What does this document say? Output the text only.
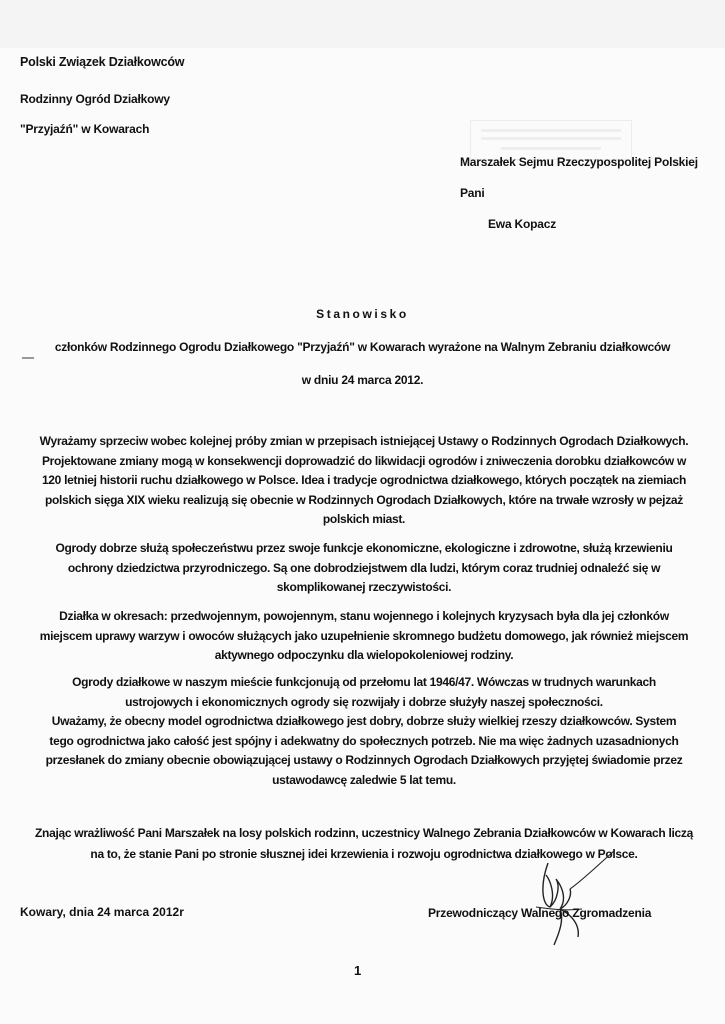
Polski Związek Działkowców
Rodzinny Ogród Działkowy
"Przyjaźń" w Kowarach
Marszałek Sejmu Rzeczypospolitej Polskiej
Pani
Ewa Kopacz
Stanowisko
członków Rodzinnego Ogrodu Działkowego "Przyjaźń" w Kowarach wyrażone na Walnym Zebraniu działkowców
w dniu 24 marca 2012.

Wyrażamy sprzeciw wobec kolejnej próby zmian w przepisach istniejącej Ustawy o Rodzinnych Ogrodach Działkowych.

Projektowane zmiany mogą w konsekwencji doprowadzić do likwidacji ogrodów i zniweczenia dorobku działkowców w

120 letniej historii ruchu działkowego w Polsce. Idea i tradycje ogrodnictwa działkowego, których początek na ziemiach

polskich sięga XIX wieku realizują się obecnie w Rodzinnych Ogrodach Działkowych, które na trwałe wzrosły w pejzaż

polskich miast.

Ogrody dobrze służą społeczeństwu przez swoje funkcje ekonomiczne, ekologiczne i zdrowotne, służą krzewieniu

ochrony dziedzictwa przyrodniczego. Są one dobrodziejstwem dla ludzi, którym coraz trudniej odnaleźć się w

skomplikowanej rzeczywistości.

Działka w okresach: przedwojennym, powojennym, stanu wojennego i kolejnych kryzysach była dla jej członków

miejscem uprawy warzyw i owoców służących jako uzupełnienie skromnego budżetu domowego, jak również miejscem

aktywnego odpoczynku dla wielopokoleniowej rodziny.

Ogrody działkowe w naszym mieście funkcjonują od przełomu lat 1946/47. Wówczas w trudnych warunkach

ustrojowych i ekonomicznych ogrody się rozwijały i dobrze służyły naszej społeczności.

Uważamy, że obecny model ogrodnictwa działkowego jest dobry, dobrze służy wielkiej rzeszy działkowców. System

tego ogrodnictwa jako całość jest spójny i adekwatny do społecznych potrzeb. Nie ma więc żadnych uzasadnionych

przesłanek do zmiany obecnie obowiązującej ustawy o Rodzinnych Ogrodach Działkowych przyjętej świadomie przez

ustawodawcę zaledwie 5 lat temu.

Znając wrażliwość Pani Marszałek na losy polskich rodzinn, uczestnicy Walnego Zebrania Działkowców w Kowarach liczą
na to, że stanie Pani po stronie słusznej idei krzewienia i rozwoju ogrodnictwa działkowego w Polsce.
Kowary, dnia 24 marca 2012r	Przewodniczący Walnego Zgromadzenia
1
